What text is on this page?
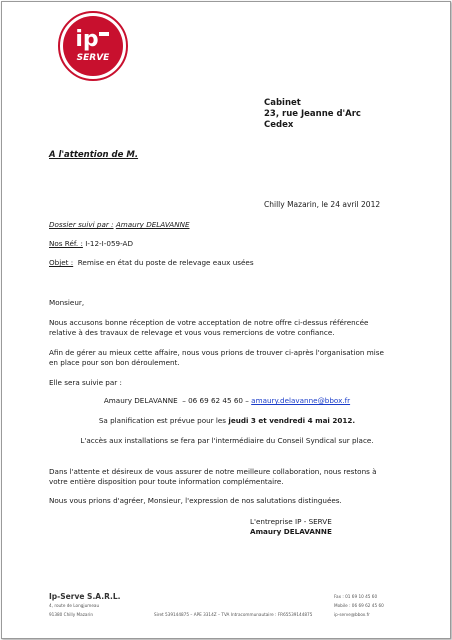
ip
SERVE
Cabinet
23, rue Jeanne d'Arc
Cedex
A l'attention de M.
Chilly Mazarin, le 24 avril 2012
Dossier suivi par : Amaury DELAVANNE
Nos Réf. : I-12-I-059-AD
Objet : Remise en état du poste de relevage eaux usées
Monsieur,
Nous accusons bonne réception de votre acceptation de notre offre ci-dessus référencée relative à des travaux de relevage et vous vous remercions de votre confiance.
Afin de gérer au mieux cette affaire, nous vous prions de trouver ci-après l'organisation mise en place pour son bon déroulement.
Elle sera suivie par :
Amaury DELAVANNE – 06 69 62 45 60 – amaury.delavanne@bbox.fr
Sa planification est prévue pour les jeudi 3 et vendredi 4 mai 2012.
L'accès aux installations se fera par l'intermédiaire du Conseil Syndical sur place.
Dans l'attente et désireux de vous assurer de notre meilleure collaboration, nous restons à votre entière disposition pour toute information complémentaire.
Nous vous prions d'agréer, Monsieur, l'expression de nos salutations distinguées.
L'entreprise IP - SERVE
Amaury DELAVANNE
Ip-Serve S.A.R.L.
4, route de Longjumeau
91380 Chilly Mazarin	Siret 539144875 – APE 3314Z – TVA Intracommunautaire : FR65539144875
Fax : 01 69 10 45 60
Mobile : 06 69 62 45 60
ip-serve@bbox.fr
